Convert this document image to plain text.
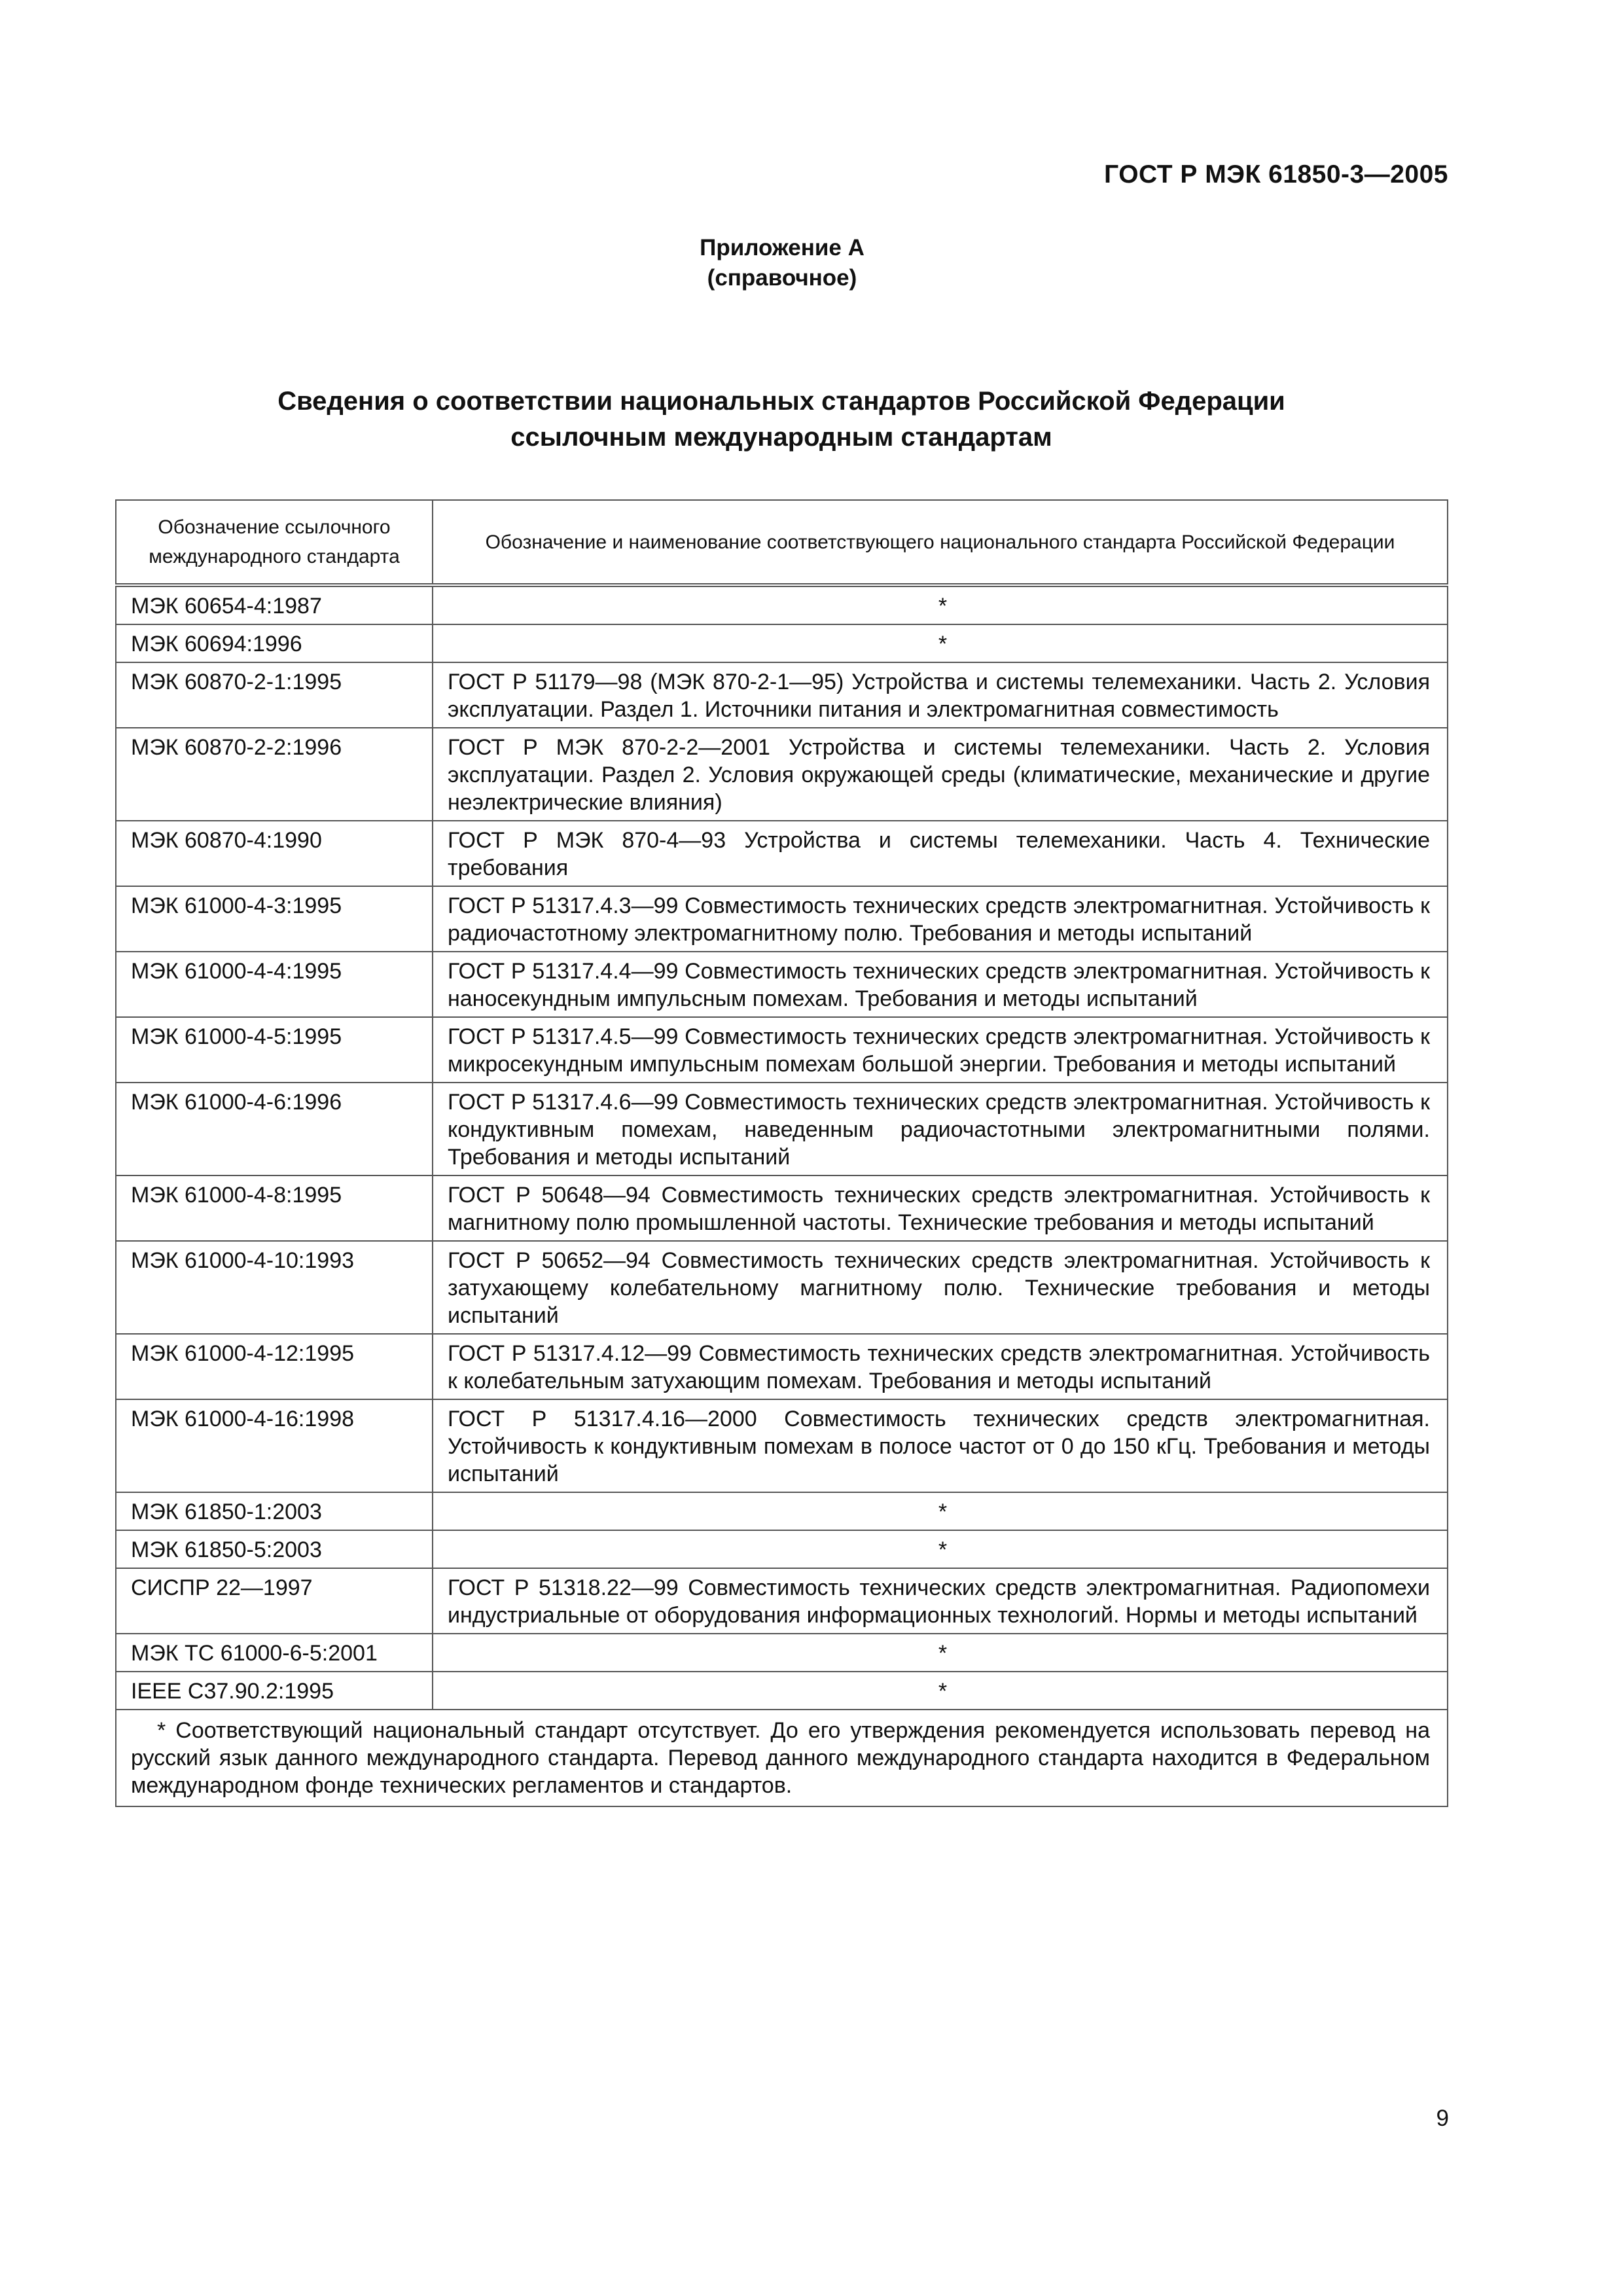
ГОСТ Р МЭК 61850-3—2005
Приложение А
(справочное)
Сведения о соответствии национальных стандартов Российской Федерации
ссылочным международным стандартам
Обозначение ссылочного международного стандарта	Обозначение и наименование соответствующего национального стандарта Российской Федерации
МЭК 60654-4:1987	*
МЭК 60694:1996	*
МЭК 60870-2-1:1995	ГОСТ Р 51179—98 (МЭК 870-2-1—95) Устройства и системы телемеханики. Часть 2. Условия эксплуатации. Раздел 1. Источники питания и электромагнитная совместимость
МЭК 60870-2-2:1996	ГОСТ Р МЭК 870-2-2—2001 Устройства и системы телемеханики. Часть 2. Условия эксплуатации. Раздел 2. Условия окружающей среды (климатические, механические и другие неэлектрические влияния)
МЭК 60870-4:1990	ГОСТ Р МЭК 870-4—93 Устройства и системы телемеханики. Часть 4. Технические требования
МЭК 61000-4-3:1995	ГОСТ Р 51317.4.3—99 Совместимость технических средств электромагнитная. Устойчивость к радиочастотному электромагнитному полю. Требования и методы испытаний
МЭК 61000-4-4:1995	ГОСТ Р 51317.4.4—99 Совместимость технических средств электромагнитная. Устойчивость к наносекундным импульсным помехам. Требования и методы испытаний
МЭК 61000-4-5:1995	ГОСТ Р 51317.4.5—99 Совместимость технических средств электромагнитная. Устойчивость к микросекундным импульсным помехам большой энергии. Требования и методы испытаний
МЭК 61000-4-6:1996	ГОСТ Р 51317.4.6—99 Совместимость технических средств электромагнитная. Устойчивость к кондуктивным помехам, наведенным радиочастотными электромагнитными полями. Требования и методы испытаний
МЭК 61000-4-8:1995	ГОСТ Р 50648—94 Совместимость технических средств электромагнитная. Устойчивость к магнитному полю промышленной частоты. Технические требования и методы испытаний
МЭК 61000-4-10:1993	ГОСТ Р 50652—94 Совместимость технических средств электромагнитная. Устойчивость к затухающему колебательному магнитному полю. Технические требования и методы испытаний
МЭК 61000-4-12:1995	ГОСТ Р 51317.4.12—99 Совместимость технических средств электромагнитная. Устойчивость к колебательным затухающим помехам. Требования и методы испытаний
МЭК 61000-4-16:1998	ГОСТ Р 51317.4.16—2000 Совместимость технических средств электромагнитная. Устойчивость к кондуктивным помехам в полосе частот от 0 до 150 кГц. Требования и методы испытаний
МЭК 61850-1:2003	*
МЭК 61850-5:2003	*
СИСПР 22—1997	ГОСТ Р 51318.22—99 Совместимость технических средств электромагнитная. Радиопомехи индустриальные от оборудования информационных технологий. Нормы и методы испытаний
МЭК ТС 61000-6-5:2001	*
IEEE C37.90.2:1995	*
* Соответствующий национальный стандарт отсутствует. До его утверждения рекомендуется использовать перевод на русский язык данного международного стандарта. Перевод данного международного стандарта находится в Федеральном международном фонде технических регламентов и стандартов.	
9
